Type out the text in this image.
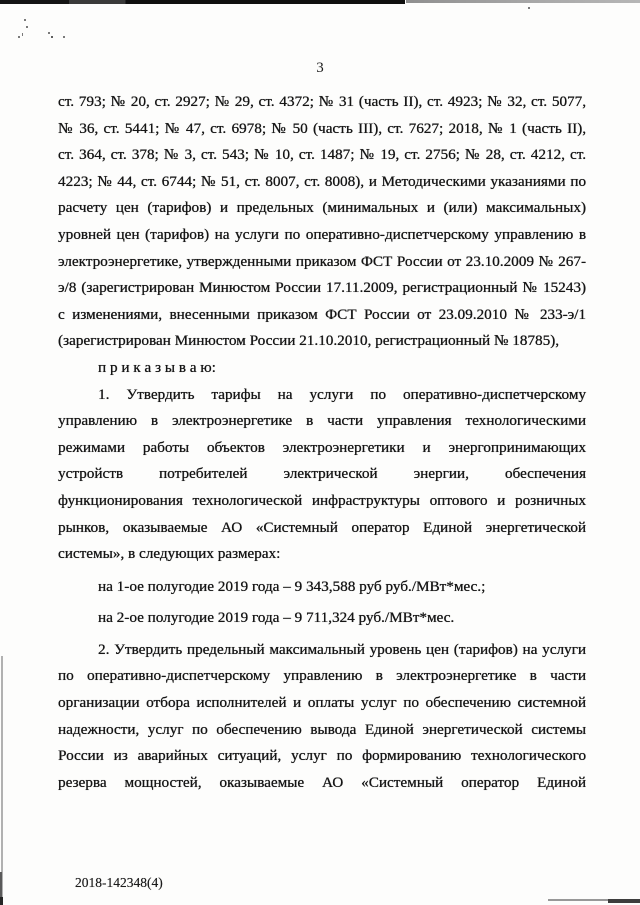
3

ст. 793; № 20, ст. 2927; № 29, ст. 4372; № 31 (часть II), ст. 4923; № 32, ст. 5077,

№ 36, ст. 5441; № 47, ст. 6978; № 50 (часть III), ст. 7627; 2018, № 1 (часть II),

ст. 364, ст. 378; № 3, ст. 543; № 10, ст. 1487; № 19, ст. 2756; № 28, ст. 4212, ст.

4223; № 44, ст. 6744; № 51, ст. 8007, ст. 8008), и Методическими указаниями по

расчету цен (тарифов) и предельных (минимальных и (или) максимальных)

уровней цен (тарифов) на услуги по оперативно-диспетчерскому управлению в

электроэнергетике, утвержденными приказом ФСТ России от 23.10.2009 № 267-

э/8 (зарегистрирован Минюстом России 17.11.2009, регистрационный № 15243)

с изменениями, внесенными приказом ФСТ России от 23.09.2010 № 233-э/1

(зарегистрирован Минюстом России 21.10.2010, регистрационный № 18785),

п р и к а з ы в а ю:

1. Утвердить тарифы на услуги по оперативно-диспетчерскому

управлению в электроэнергетике в части управления технологическими

режимами работы объектов электроэнергетики и энергопринимающих

устройств потребителей электрической энергии, обеспечения

функционирования технологической инфраструктуры оптового и розничных

рынков, оказываемые АО «Системный оператор Единой энергетической

системы», в следующих размерах:

на 1-ое полугодие 2019 года – 9 343,588 руб руб./МВт*мес.;

на 2-ое полугодие 2019 года – 9 711,324 руб./МВт*мес.

2. Утвердить предельный максимальный уровень цен (тарифов) на услуги

по оперативно-диспетчерскому управлению в электроэнергетике в части

организации отбора исполнителей и оплаты услуг по обеспечению системной

надежности, услуг по обеспечению вывода Единой энергетической системы

России из аварийных ситуаций, услуг по формированию технологического

резерва мощностей, оказываемые АО «Системный оператор Единой

2018-142348(4)
